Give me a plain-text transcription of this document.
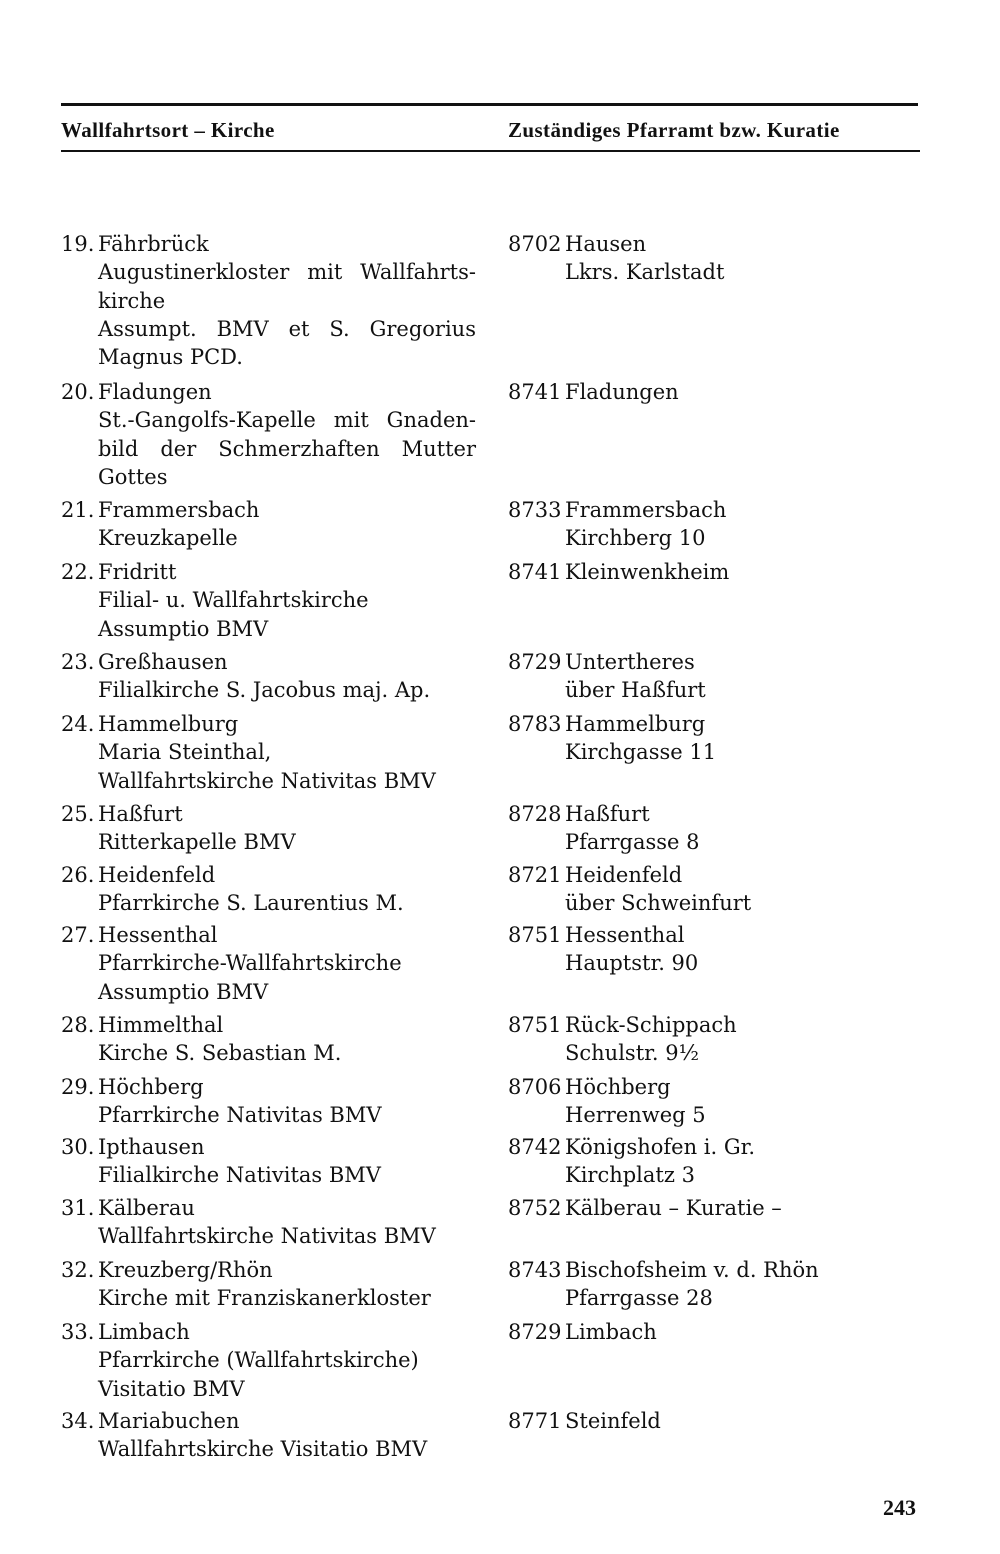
Wallfahrtsort – Kirche	Zuständiges Pfarramt bzw. Kuratie
19. Fährbrück
Augustinerkloster mit Wallfahrts-
kirche
Assumpt. BMV et S. Gregorius
Magnus PCD.
8702 Hausen
Lkrs. Karlstadt
20. Fladungen
St.-Gangolfs-Kapelle mit Gnaden-
bild der Schmerzhaften Mutter
Gottes
8741 Fladungen
21. Frammersbach
Kreuzkapelle
8733 Frammersbach
Kirchberg 10
22. Fridritt
Filial- u. Wallfahrtskirche
Assumptio BMV
8741 Kleinwenkheim
23. Greßhausen
Filialkirche S. Jacobus maj. Ap.
8729 Untertheres
über Haßfurt
24. Hammelburg
Maria Steinthal,
Wallfahrtskirche Nativitas BMV
8783 Hammelburg
Kirchgasse 11
25. Haßfurt
Ritterkapelle BMV
8728 Haßfurt
Pfarrgasse 8
26. Heidenfeld
Pfarrkirche S. Laurentius M.
8721 Heidenfeld
über Schweinfurt
27. Hessenthal
Pfarrkirche-Wallfahrtskirche
Assumptio BMV
8751 Hessenthal
Hauptstr. 90
28. Himmelthal
Kirche S. Sebastian M.
8751 Rück-Schippach
Schulstr. 9½
29. Höchberg
Pfarrkirche Nativitas BMV
8706 Höchberg
Herrenweg 5
30. Ipthausen
Filialkirche Nativitas BMV
8742 Königshofen i. Gr.
Kirchplatz 3
31. Kälberau
Wallfahrtskirche Nativitas BMV
8752 Kälberau – Kuratie –
32. Kreuzberg/Rhön
Kirche mit Franziskanerkloster
8743 Bischofsheim v. d. Rhön
Pfarrgasse 28
33. Limbach
Pfarrkirche (Wallfahrtskirche)
Visitatio BMV
8729 Limbach
34. Mariabuchen
Wallfahrtskirche Visitatio BMV
8771 Steinfeld
243
